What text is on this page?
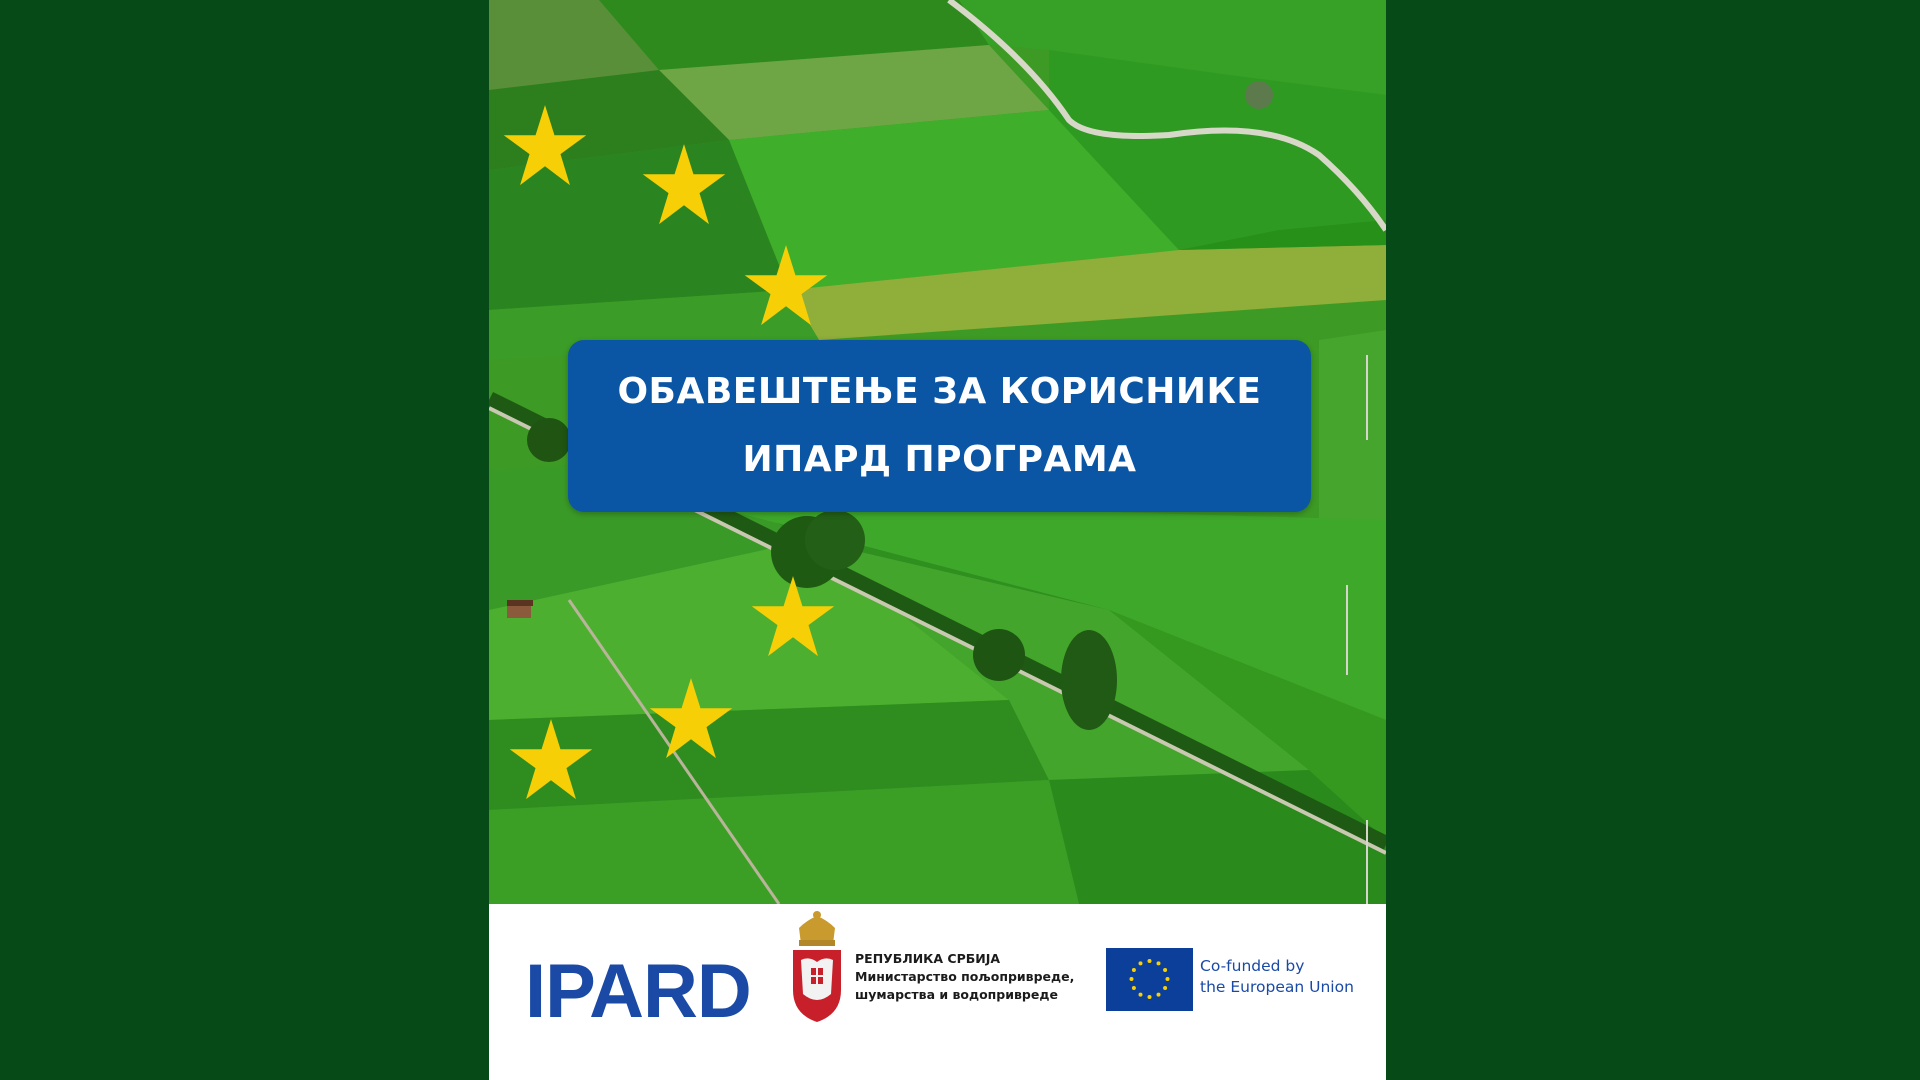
ОБАВЕШТЕЊЕ ЗА КОРИСНИКЕ
ИПАРД ПРОГРАМА
IPARD	РЕПУБЛИКА СРБИЈА
Министарство пољопривреде,
шумарства и водопривреде
Co-funded by
the European Union
